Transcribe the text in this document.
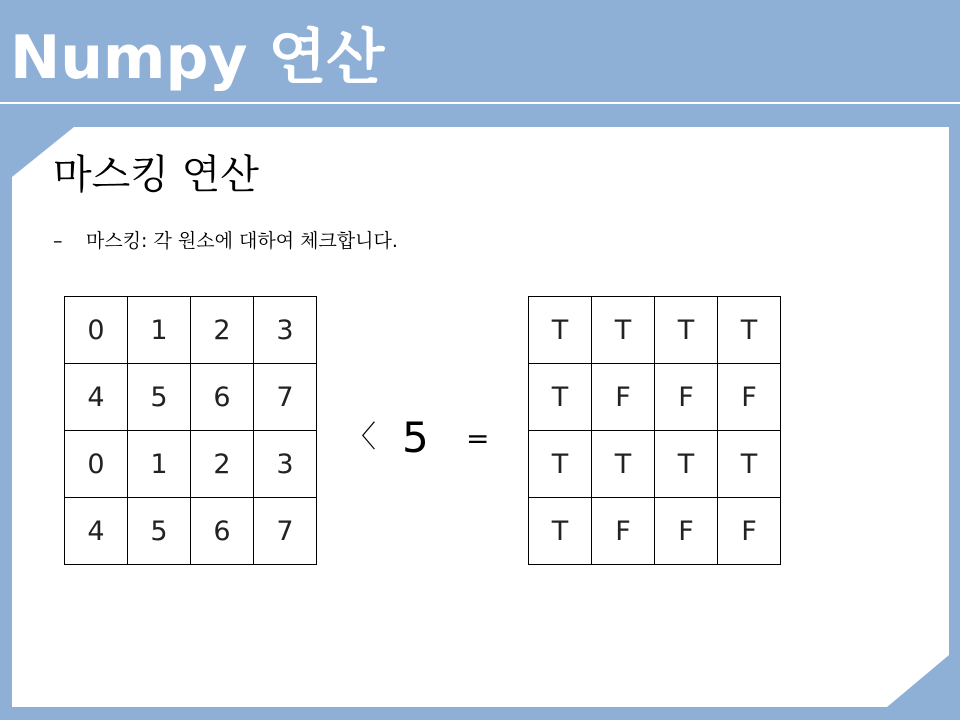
Numpy 연산
마스킹 연산
– 마스킹: 각 원소에 대하여 체크합니다.
0	1	2	3
4	5	6	7
0	1	2	3
4	5	6	7
〈 5 =
T	T	T	T
T	F	F	F
T	T	T	T
T	F	F	F
